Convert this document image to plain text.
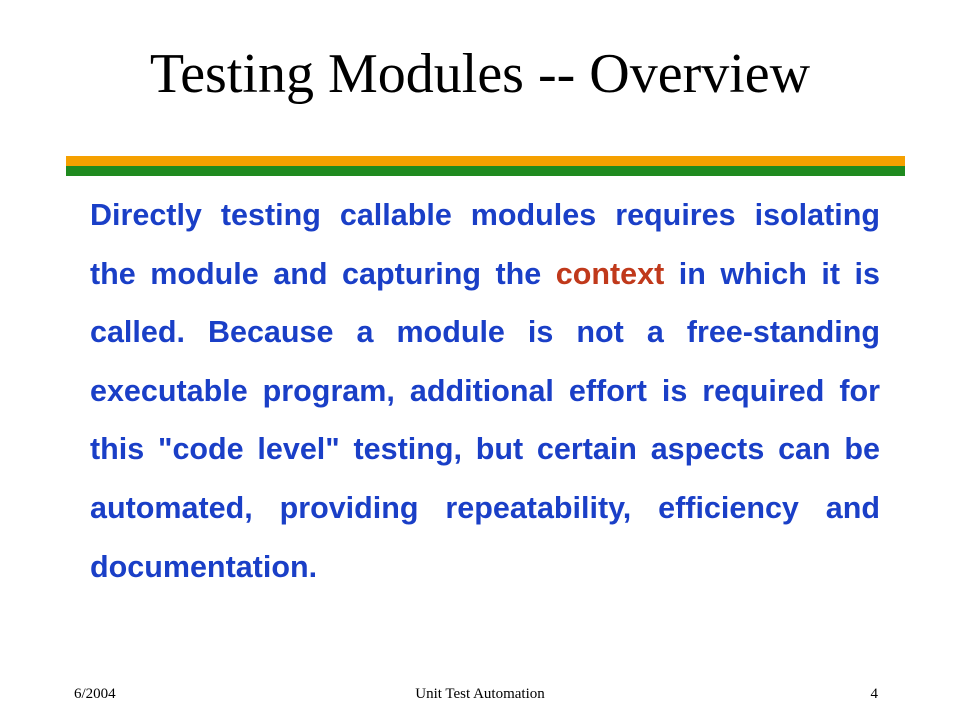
Testing Modules -- Overview

Directly testing callable modules requires isolating the module and capturing the context in which it is called. Because a module is not a free-standing executable program, additional effort is required for this "code level" testing, but certain aspects can be automated, providing repeatability, efficiency and documentation.

6/2004	Unit Test Automation	4
